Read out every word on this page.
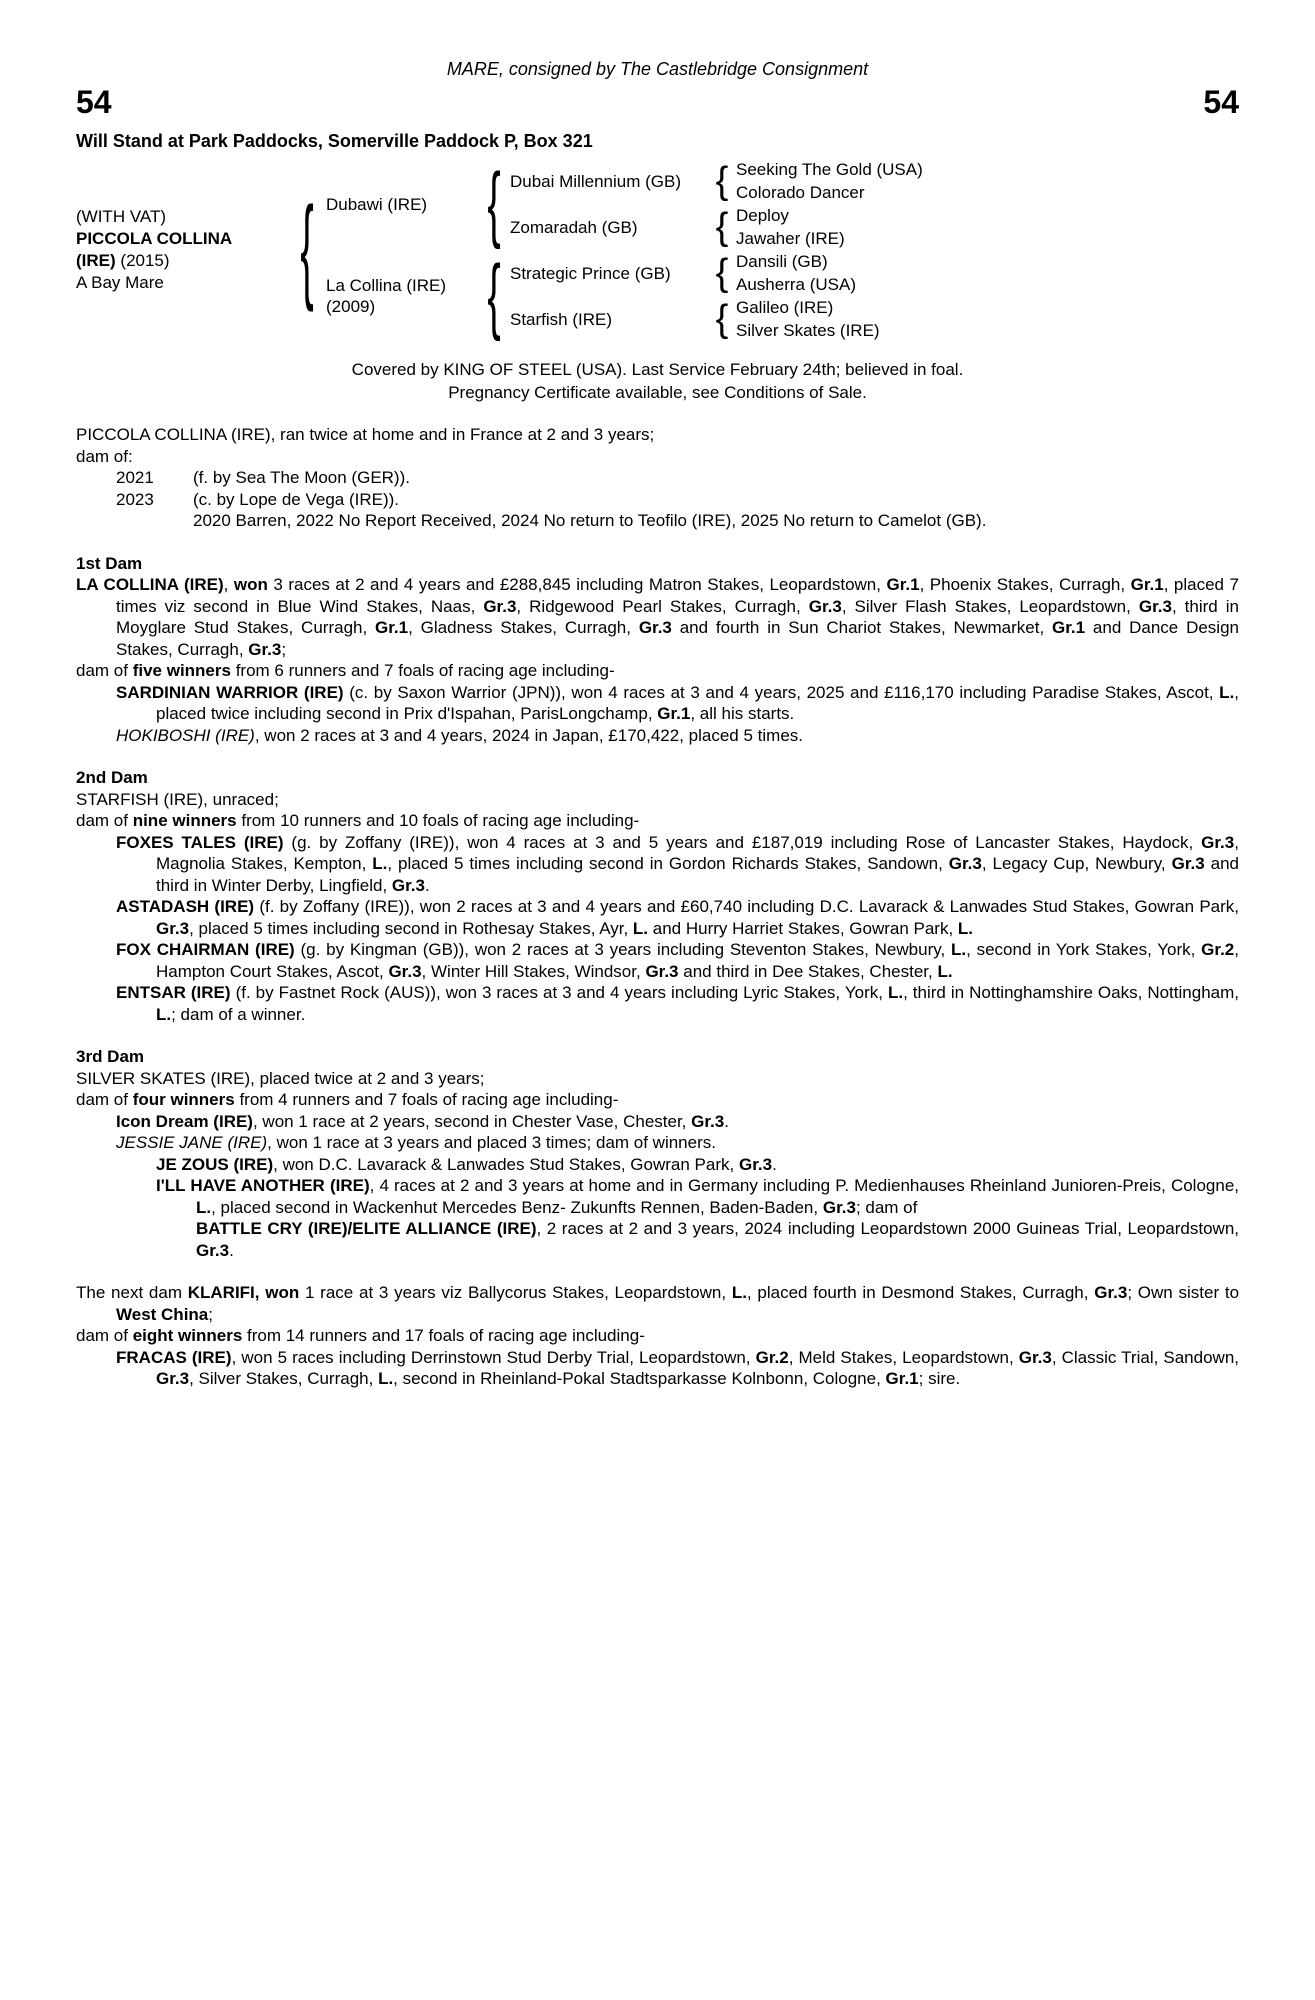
MARE, consigned by The Castlebridge Consignment
54	54
Will Stand at Park Paddocks, Somerville Paddock P, Box 321
(WITH VAT)
PICCOLA COLLINA
(IRE) (2015)
A Bay Mare	{ Dubawi (IRE)
La Collina (IRE)
(2009)
{
{
Dubai Millennium (GB)
Zomaradah (GB)
Strategic Prince (GB)
Starfish (IRE)
{
{
{
{
Seeking The Gold (USA)
Colorado Dancer
Deploy
Jawaher (IRE)
Dansili (GB)
Ausherra (USA)
Galileo (IRE)
Silver Skates (IRE)
Covered by KING OF STEEL (USA). Last Service February 24th; believed in foal.
Pregnancy Certificate available, see Conditions of Sale.

PICCOLA COLLINA (IRE), ran twice at home and in France at 2 and 3 years;

dam of:

2021 (f. by Sea The Moon (GER)).

2023 (c. by Lope de Vega (IRE)).

2020 Barren, 2022 No Report Received, 2024 No return to Teofilo (IRE), 2025 No return to Camelot (GB).

1st Dam

LA COLLINA (IRE), won 3 races at 2 and 4 years and £288,845 including Matron Stakes, Leopardstown, Gr.1, Phoenix Stakes, Curragh, Gr.1, placed 7 times viz second in Blue Wind Stakes, Naas, Gr.3, Ridgewood Pearl Stakes, Curragh, Gr.3, Silver Flash Stakes, Leopardstown, Gr.3, third in Moyglare Stud Stakes, Curragh, Gr.1, Gladness Stakes, Curragh, Gr.3 and fourth in Sun Chariot Stakes, Newmarket, Gr.1 and Dance Design Stakes, Curragh, Gr.3;

dam of five winners from 6 runners and 7 foals of racing age including-

SARDINIAN WARRIOR (IRE) (c. by Saxon Warrior (JPN)), won 4 races at 3 and 4 years, 2025 and £116,170 including Paradise Stakes, Ascot, L., placed twice including second in Prix d'Ispahan, ParisLongchamp, Gr.1, all his starts.

HOKIBOSHI (IRE), won 2 races at 3 and 4 years, 2024 in Japan, £170,422, placed 5 times.

2nd Dam

STARFISH (IRE), unraced;

dam of nine winners from 10 runners and 10 foals of racing age including-

FOXES TALES (IRE) (g. by Zoffany (IRE)), won 4 races at 3 and 5 years and £187,019 including Rose of Lancaster Stakes, Haydock, Gr.3, Magnolia Stakes, Kempton, L., placed 5 times including second in Gordon Richards Stakes, Sandown, Gr.3, Legacy Cup, Newbury, Gr.3 and third in Winter Derby, Lingfield, Gr.3.

ASTADASH (IRE) (f. by Zoffany (IRE)), won 2 races at 3 and 4 years and £60,740 including D.C. Lavarack & Lanwades Stud Stakes, Gowran Park, Gr.3, placed 5 times including second in Rothesay Stakes, Ayr, L. and Hurry Harriet Stakes, Gowran Park, L.

FOX CHAIRMAN (IRE) (g. by Kingman (GB)), won 2 races at 3 years including Steventon Stakes, Newbury, L., second in York Stakes, York, Gr.2, Hampton Court Stakes, Ascot, Gr.3, Winter Hill Stakes, Windsor, Gr.3 and third in Dee Stakes, Chester, L.

ENTSAR (IRE) (f. by Fastnet Rock (AUS)), won 3 races at 3 and 4 years including Lyric Stakes, York, L., third in Nottinghamshire Oaks, Nottingham, L.; dam of a winner.

3rd Dam

SILVER SKATES (IRE), placed twice at 2 and 3 years;

dam of four winners from 4 runners and 7 foals of racing age including-

Icon Dream (IRE), won 1 race at 2 years, second in Chester Vase, Chester, Gr.3.

JESSIE JANE (IRE), won 1 race at 3 years and placed 3 times; dam of winners.

JE ZOUS (IRE), won D.C. Lavarack & Lanwades Stud Stakes, Gowran Park, Gr.3.

I'LL HAVE ANOTHER (IRE), 4 races at 2 and 3 years at home and in Germany including P. Medienhauses Rheinland Junioren-Preis, Cologne, L., placed second in Wackenhut Mercedes Benz- Zukunfts Rennen, Baden-Baden, Gr.3; dam of

BATTLE CRY (IRE)/ELITE ALLIANCE (IRE), 2 races at 2 and 3 years, 2024 including Leopardstown 2000 Guineas Trial, Leopardstown, Gr.3.

The next dam KLARIFI, won 1 race at 3 years viz Ballycorus Stakes, Leopardstown, L., placed fourth in Desmond Stakes, Curragh, Gr.3; Own sister to West China;

dam of eight winners from 14 runners and 17 foals of racing age including-

FRACAS (IRE), won 5 races including Derrinstown Stud Derby Trial, Leopardstown, Gr.2, Meld Stakes, Leopardstown, Gr.3, Classic Trial, Sandown, Gr.3, Silver Stakes, Curragh, L., second in Rheinland-Pokal Stadtsparkasse Kolnbonn, Cologne, Gr.1; sire.
